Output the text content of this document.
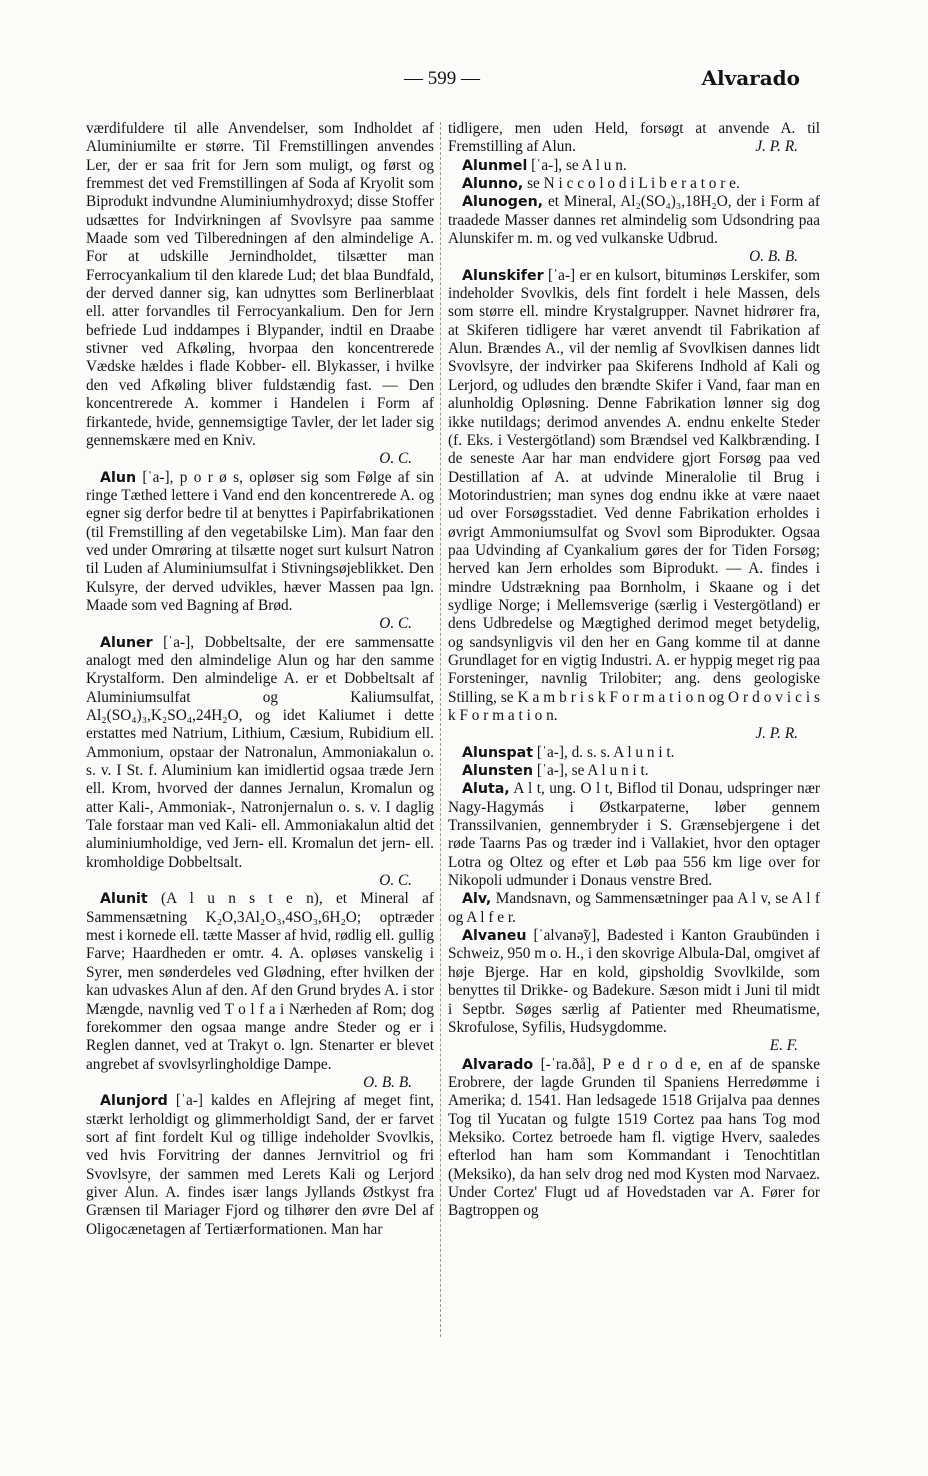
— 599 —	Alvarado

værdifuldere til alle Anvendelser, som Indholdet af Aluminiumilte er større. Til Fremstillingen anvendes Ler, der er saa frit for Jern som muligt, og først og fremmest det ved Fremstillingen af Soda af Kryolit som Biprodukt indvundne Aluminiumhydroxyd; disse Stoffer udsættes for Indvirkningen af Svovlsyre paa samme Maade som ved Tilberedningen af den almindelige A. For at udskille Jernindholdet, tilsætter man Ferrocyankalium til den klarede Lud; det blaa Bundfald, der derved danner sig, kan udnyttes som Berlinerblaat ell. atter forvandles til Ferrocyankalium. Den for Jern befriede Lud inddampes i Blypander, indtil en Draabe stivner ved Afkøling, hvorpaa den koncentrerede Vædske hældes i flade Kobber- ell. Blykasser, i hvilke den ved Afkøling bliver fuldstændig fast. — Den koncentrerede A. kommer i Handelen i Form af firkantede, hvide, gennemsigtige Tavler, der let lader sig gennemskære med en Kniv.

O. C.

Alun [ˈa-], p o r ø s, opløser sig som Følge af sin ringe Tæthed lettere i Vand end den koncentrerede A. og egner sig derfor bedre til at benyttes i Papirfabrikationen (til Fremstilling af den vegetabilske Lim). Man faar den ved under Omrøring at tilsætte noget surt kulsurt Natron til Luden af Aluminiumsulfat i Stivningsøjeblikket. Den Kulsyre, der derved udvikles, hæver Massen paa lgn. Maade som ved Bagning af Brød.

O. C.

Aluner [ˈa-], Dobbeltsalte, der ere sammensatte analogt med den almindelige Alun og har den samme Krystalform. Den almindelige A. er et Dobbeltsalt af Aluminiumsulfat og Kaliumsulfat, Al₂(SO₄)₃,K₂SO₄,24H₂O, og idet Kaliumet i dette erstattes med Natrium, Lithium, Cæsium, Rubidium ell. Ammonium, opstaar der Natronalun, Ammoniakalun o. s. v. I St. f. Aluminium kan imidlertid ogsaa træde Jern ell. Krom, hvorved der dannes Jernalun, Kromalun og atter Kali-, Ammoniak-, Natronjernalun o. s. v. I daglig Tale forstaar man ved Kali- ell. Ammoniakalun altid det aluminiumholdige, ved Jern- ell. Kromalun det jern- ell. kromholdige Dobbeltsalt.

O. C.

Alunit (A l u n s t e n), et Mineral af Sammensætning K₂O,3Al₂O₃,4SO₃,6H₂O; optræder mest i kornede ell. tætte Masser af hvid, rødlig ell. gullig Farve; Haardheden er omtr. 4. A. opløses vanskelig i Syrer, men sønderdeles ved Glødning, efter hvilken der kan udvaskes Alun af den. Af den Grund brydes A. i stor Mængde, navnlig ved T o l f a i Nærheden af Rom; dog forekommer den ogsaa mange andre Steder og er i Reglen dannet, ved at Trakyt o. lgn. Stenarter er blevet angrebet af svovlsyrlingholdige Dampe.

O. B. B.

Alunjord [ˈa-] kaldes en Aflejring af meget fint, stærkt lerholdigt og glimmerholdigt Sand, der er farvet sort af fint fordelt Kul og tillige indeholder Svovlkis, ved hvis Forvitring der dannes Jernvitriol og fri Svovlsyre, der sammen med Lerets Kali og Lerjord giver Alun. A. findes især langs Jyllands Østkyst fra Grænsen til Mariager Fjord og tilhører den øvre Del af Oligocænetagen af Tertiærformationen. Man har

tidligere, men uden Held, forsøgt at anvende A. til Fremstilling af Alun.	J. P. R.

Alunmel [ˈa-], se A l u n.

Alunno, se N i c c o l o d i L i b e r a t o r e.

Alunogen, et Mineral, Al₂(SO₄)₃,18H₂O, der i Form af traadede Masser dannes ret almindelig som Udsondring paa Alunskifer m. m. og ved vulkanske Udbrud.

O. B. B.

Alunskifer [ˈa-] er en kulsort, bituminøs Lerskifer, som indeholder Svovlkis, dels fint fordelt i hele Massen, dels som større ell. mindre Krystalgrupper. Navnet hidrører fra, at Skiferen tidligere har været anvendt til Fabrikation af Alun. Brændes A., vil der nemlig af Svovlkisen dannes lidt Svovlsyre, der indvirker paa Skiferens Indhold af Kali og Lerjord, og udludes den brændte Skifer i Vand, faar man en alunholdig Opløsning. Denne Fabrikation lønner sig dog ikke nutildags; derimod anvendes A. endnu enkelte Steder (f. Eks. i Vestergötland) som Brændsel ved Kalkbrænding. I de seneste Aar har man endvidere gjort Forsøg paa ved Destillation af A. at udvinde Mineralolie til Brug i Motorindustrien; man synes dog endnu ikke at være naaet ud over Forsøgsstadiet. Ved denne Fabrikation erholdes i øvrigt Ammoniumsulfat og Svovl som Biprodukter. Ogsaa paa Udvinding af Cyankalium gøres der for Tiden Forsøg; herved kan Jern erholdes som Biprodukt. — A. findes i mindre Udstrækning paa Bornholm, i Skaane og i det sydlige Norge; i Mellemsverige (særlig i Vestergötland) er dens Udbredelse og Mægtighed derimod meget betydelig, og sandsynligvis vil den her en Gang komme til at danne Grundlaget for en vigtig Industri. A. er hyppig meget rig paa Forsteninger, navnlig Trilobiter; ang. dens geologiske Stilling, se K a m b r i s k F o r m a t i o n og O r d o v i c i s k F o r m a t i o n.

J. P. R.

Alunspat [ˈa-], d. s. s. A l u n i t.

Alunsten [ˈa-], se A l u n i t.

Aluta, A l t, ung. O l t, Biflod til Donau, udspringer nær Nagy-Hagymás i Østkarpaterne, løber gennem Transsilvanien, gennembryder i S. Grænsebjergene i det røde Taarns Pas og træder ind i Vallakiet, hvor den optager Lotra og Oltez og efter et Løb paa 556 km lige over for Nikopoli udmunder i Donaus venstre Bred.

Alv, Mandsnavn, og Sammensætninger paa A l v, se A l f og A l f e r.

Alvaneu [ˈalvanə̃y], Badested i Kanton Graubünden i Schweiz, 950 m o. H., i den skovrige Albula-Dal, omgivet af høje Bjerge. Har en kold, gipsholdig Svovlkilde, som benyttes til Drikke- og Badekure. Sæson midt i Juni til midt i Septbr. Søges særlig af Patienter med Rheumatisme, Skrofulose, Syfilis, Hudsygdomme.

E. F.

Alvarado [-ˈra.ðå], P e d r o d e, en af de spanske Erobrere, der lagde Grunden til Spaniens Herredømme i Amerika; d. 1541. Han ledsagede 1518 Grijalva paa dennes Tog til Yucatan og fulgte 1519 Cortez paa hans Tog mod Meksiko. Cortez betroede ham fl. vigtige Hverv, saaledes efterlod han ham som Kommandant i Tenochtitlan (Meksiko), da han selv drog ned mod Kysten mod Narvaez. Under Cortez' Flugt ud af Hovedstaden var A. Fører for Bagtroppen og
